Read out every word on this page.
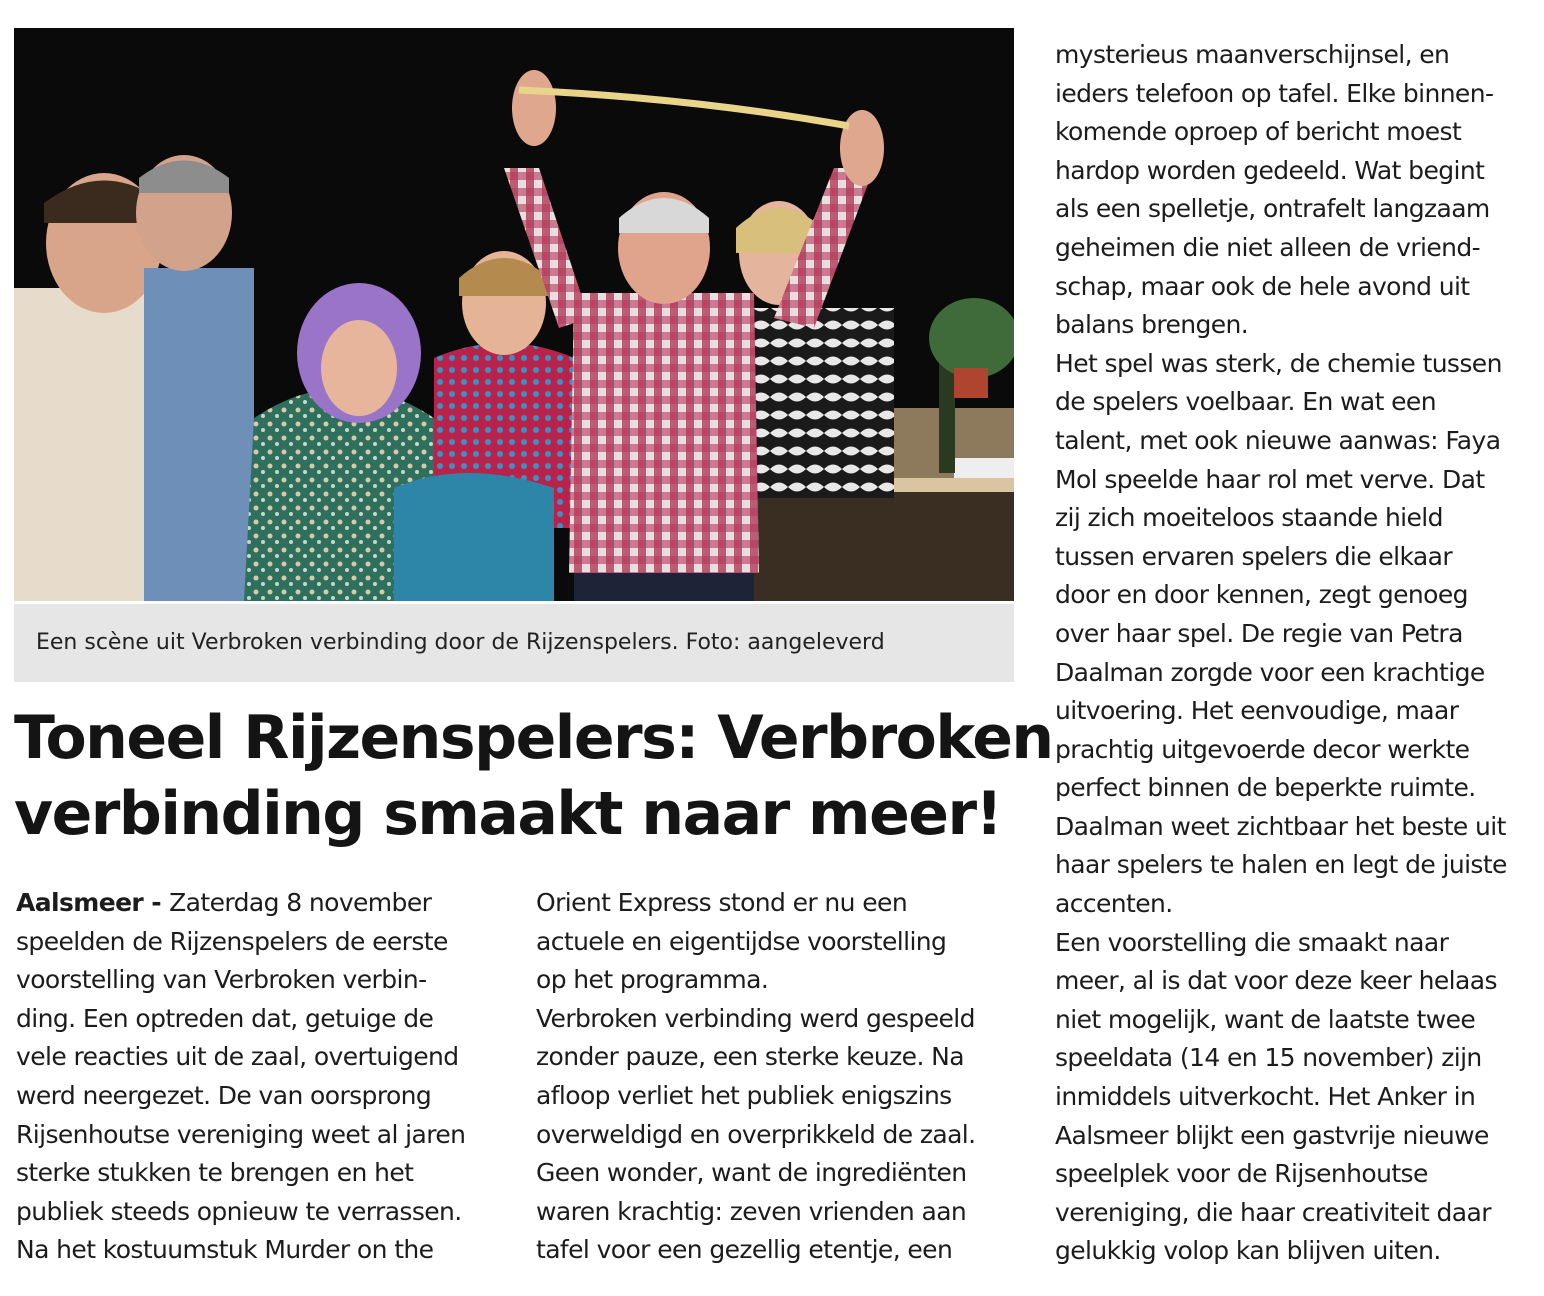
Een scène uit Verbroken verbinding door de Rijzenspelers. Foto: aangeleverd
Toneel Rijzenspelers: Verbroken
verbinding smaakt naar meer!
Aalsmeer - Zaterdag 8 november
speelden de Rijzenspelers de eerste
voorstelling van Verbroken verbin-
ding. Een optreden dat, getuige de
vele reacties uit de zaal, overtuigend
werd neergezet. De van oorsprong
Rijsenhoutse vereniging weet al jaren
sterke stukken te brengen en het
publiek steeds opnieuw te verrassen.
Na het kostuumstuk Murder on the
Orient Express stond er nu een
actuele en eigentijdse voorstelling
op het programma.
Verbroken verbinding werd gespeeld
zonder pauze, een sterke keuze. Na
afloop verliet het publiek enigszins
overweldigd en overprikkeld de zaal.
Geen wonder, want de ingrediënten
waren krachtig: zeven vrienden aan
tafel voor een gezellig etentje, een
mysterieus maanverschijnsel, en
ieders telefoon op tafel. Elke binnen-
komende oproep of bericht moest
hardop worden gedeeld. Wat begint
als een spelletje, ontrafelt langzaam
geheimen die niet alleen de vriend-
schap, maar ook de hele avond uit
balans brengen.
Het spel was sterk, de chemie tussen
de spelers voelbaar. En wat een
talent, met ook nieuwe aanwas: Faya
Mol speelde haar rol met verve. Dat
zij zich moeiteloos staande hield
tussen ervaren spelers die elkaar
door en door kennen, zegt genoeg
over haar spel. De regie van Petra
Daalman zorgde voor een krachtige
uitvoering. Het eenvoudige, maar
prachtig uitgevoerde decor werkte
perfect binnen de beperkte ruimte.
Daalman weet zichtbaar het beste uit
haar spelers te halen en legt de juiste
accenten.
Een voorstelling die smaakt naar
meer, al is dat voor deze keer helaas
niet mogelijk, want de laatste twee
speeldata (14 en 15 november) zijn
inmiddels uitverkocht. Het Anker in
Aalsmeer blijkt een gastvrije nieuwe
speelplek voor de Rijsenhoutse
vereniging, die haar creativiteit daar
gelukkig volop kan blijven uiten.
